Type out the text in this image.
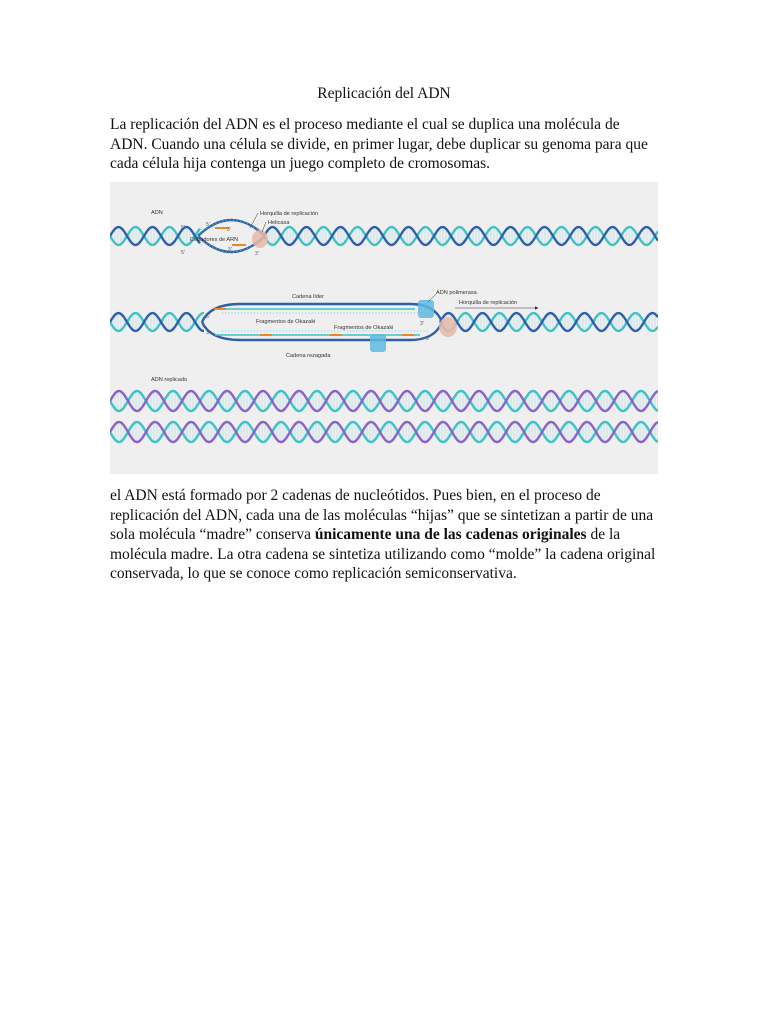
Replicación del ADN

La replicación del ADN es el proceso mediante el cual se duplica una molécula de ADN. Cuando una célula se divide, en primer lugar, debe duplicar su genoma para que cada célula hija contenga un juego completo de cromosomas.

ADN	Horquilla de replicación
Helicasa
Cebadores de ARN
5'	5'
3'
3'
5'	3'
Cadena líder
ADN polimerasa
Horquilla de replicación
Fragmentos de Okazaki
Fragmentos de Okazaki
Cadena rezagada
5'
3'
3'
5'
ADN replicado

el ADN está formado por 2 cadenas de nucleótidos. Pues bien, en el proceso de replicación del ADN, cada una de las moléculas “hijas” que se sintetizan a partir de una sola molécula “madre” conserva únicamente una de las cadenas originales de la molécula madre. La otra cadena se sintetiza utilizando como “molde” la cadena original conservada, lo que se conoce como replicación semiconservativa.
